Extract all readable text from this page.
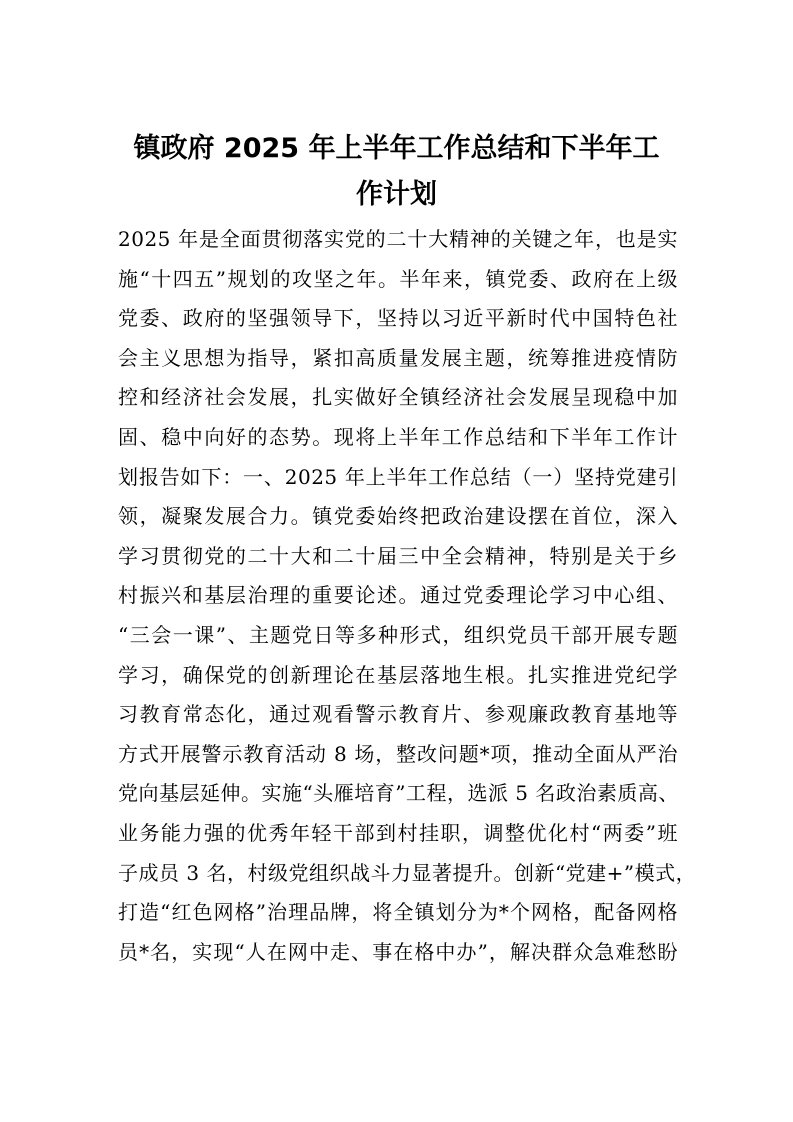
镇政府 2025 年上半年工作总结和下半年工
作计划
2025 年是全面贯彻落实党的二十大精神的关键之年，也是实
施“十四五”规划的攻坚之年。半年来，镇党委、政府在上级
党委、政府的坚强领导下，坚持以习近平新时代中国特色社
会主义思想为指导，紧扣高质量发展主题，统筹推进疫情防
控和经济社会发展，扎实做好全镇经济社会发展呈现稳中加
固、稳中向好的态势。现将上半年工作总结和下半年工作计
划报告如下：一、2025 年上半年工作总结（一）坚持党建引
领，凝聚发展合力。镇党委始终把政治建设摆在首位，深入
学习贯彻党的二十大和二十届三中全会精神，特别是关于乡
村振兴和基层治理的重要论述。通过党委理论学习中心组、
“三会一课”、主题党日等多种形式，组织党员干部开展专题
学习，确保党的创新理论在基层落地生根。扎实推进党纪学
习教育常态化，通过观看警示教育片、参观廉政教育基地等
方式开展警示教育活动 8 场，整改问题*项，推动全面从严治
党向基层延伸。实施“头雁培育”工程，选派 5 名政治素质高、
业务能力强的优秀年轻干部到村挂职，调整优化村“两委”班
子成员 3 名，村级党组织战斗力显著提升。创新“党建+”模式，
打造“红色网格”治理品牌，将全镇划分为*个网格，配备网格
员*名，实现“人在网中走、事在格中办”，解决群众急难愁盼
